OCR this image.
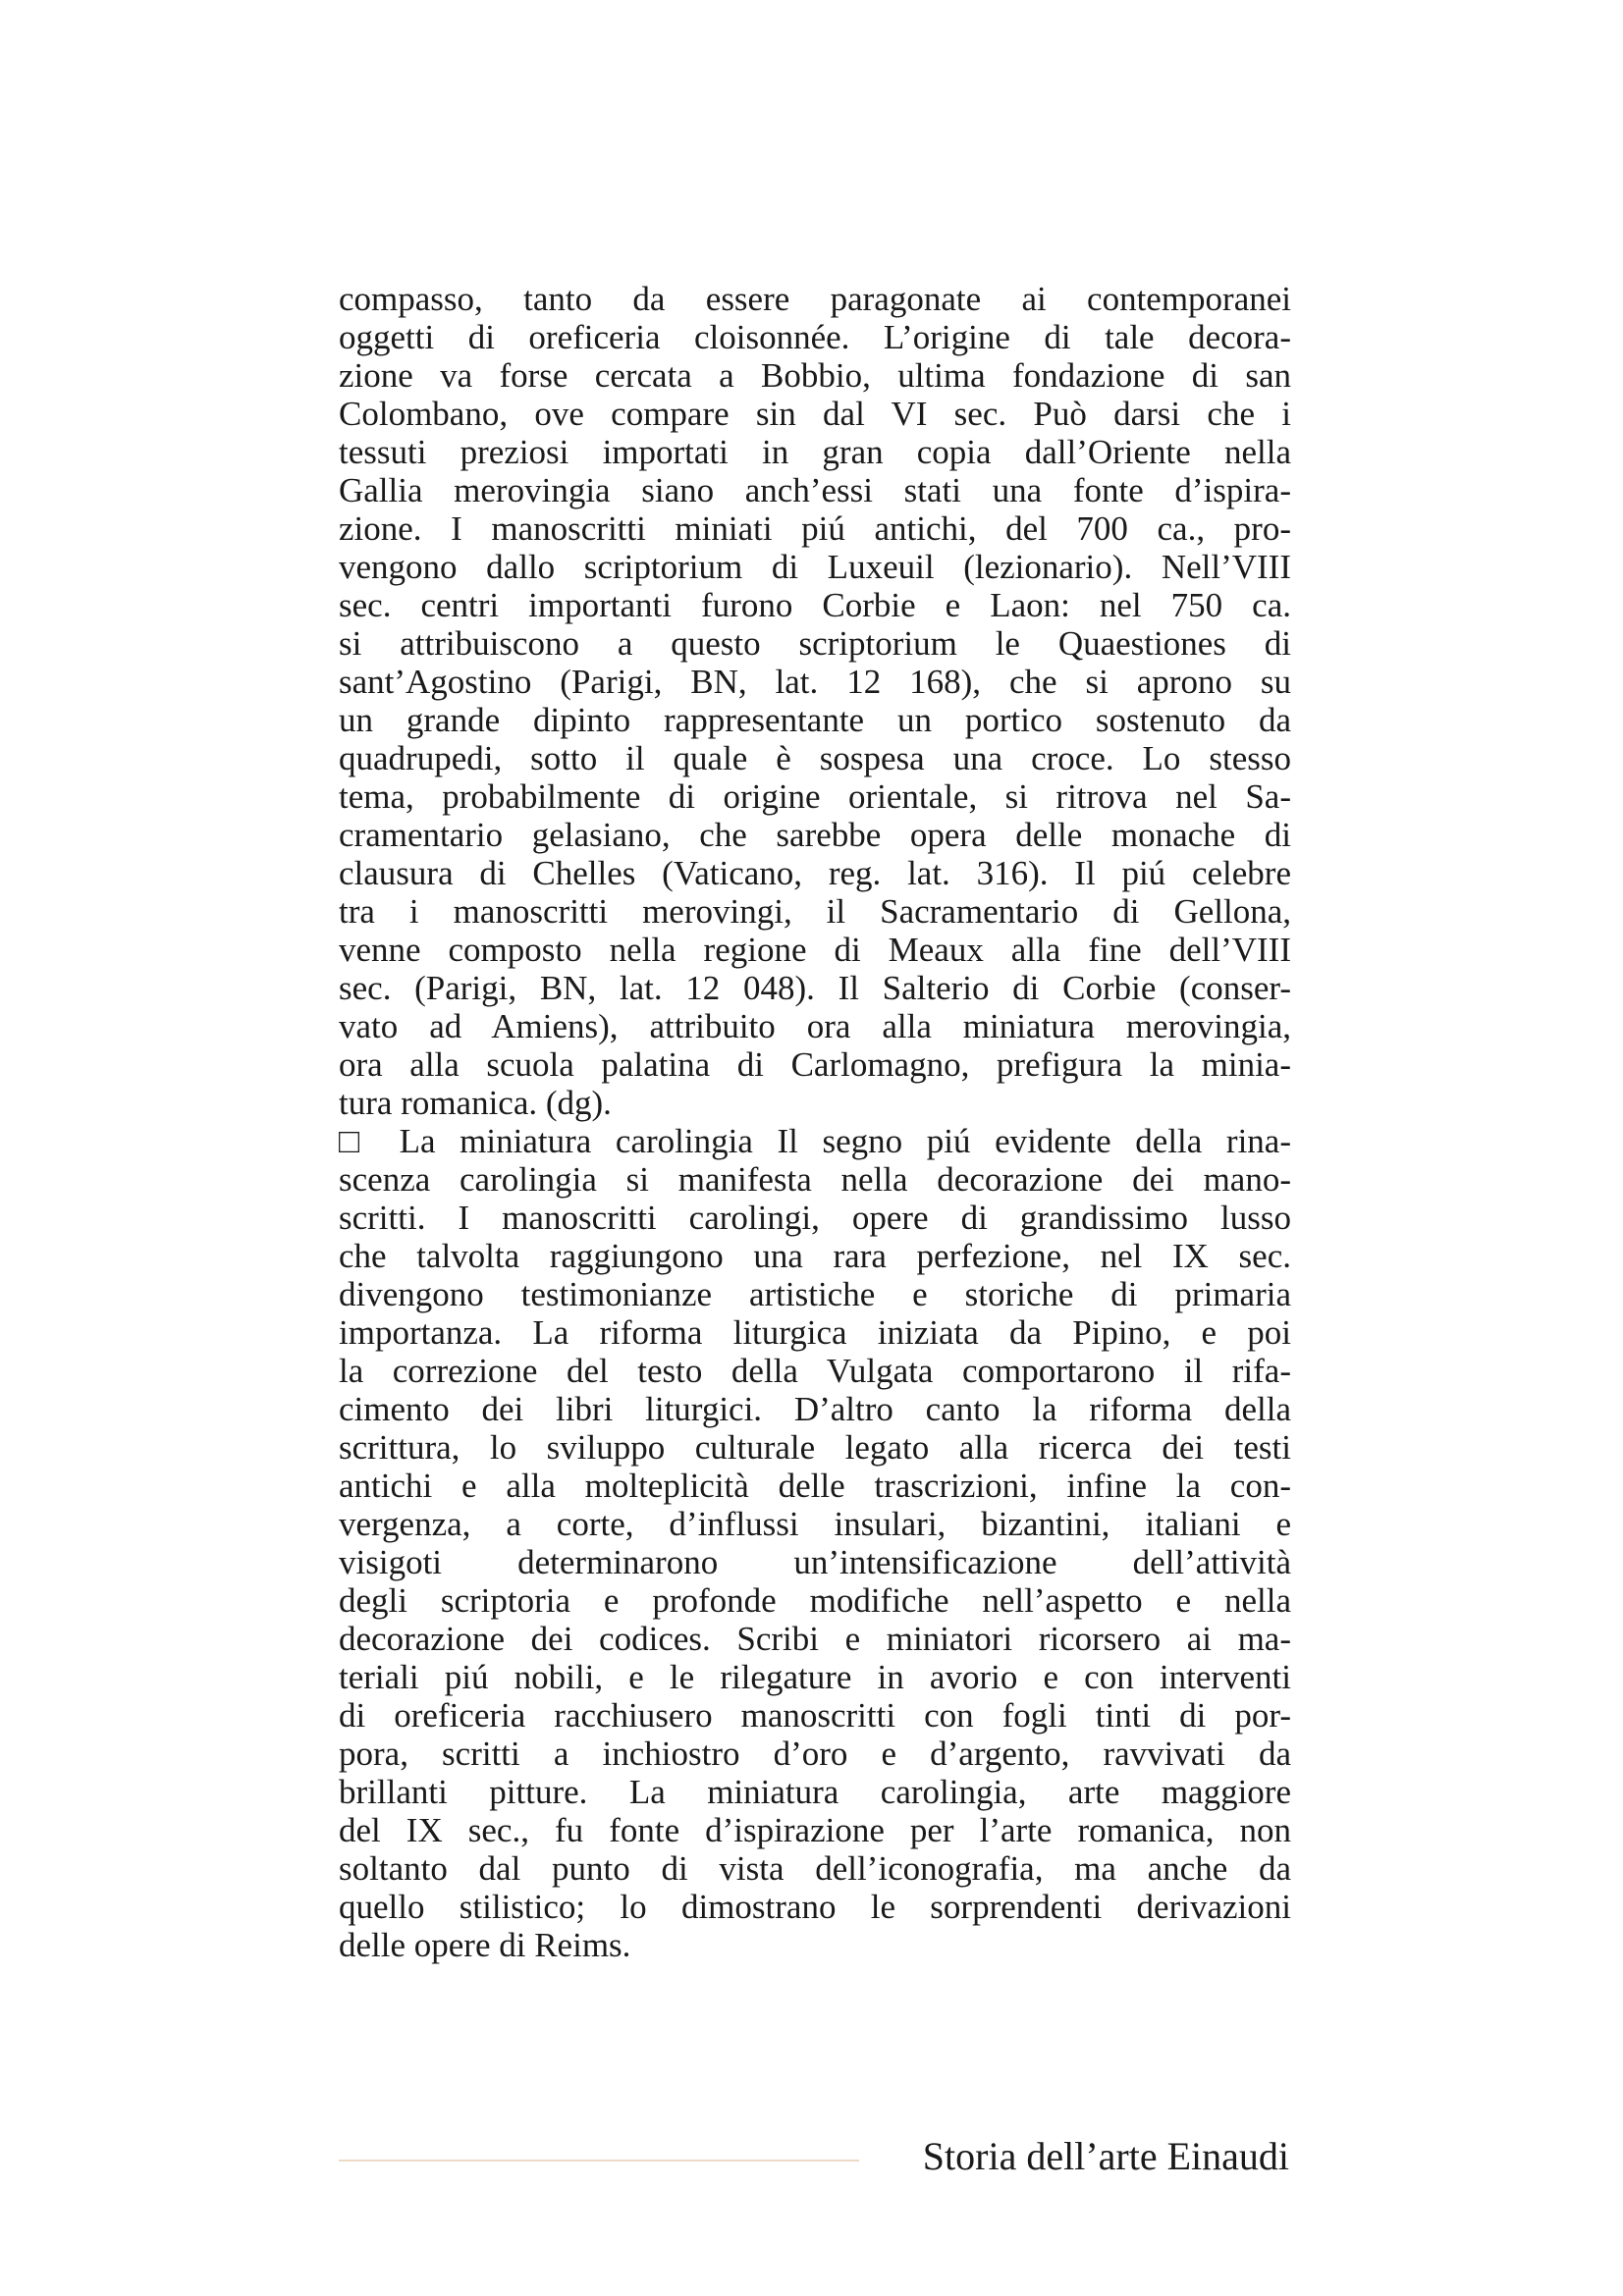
compasso, tanto da essere paragonate ai contemporanei
oggetti di oreficeria cloisonnée. L’origine di tale decora-
zione va forse cercata a Bobbio, ultima fondazione di san
Colombano, ove compare sin dal VI sec. Può darsi che i
tessuti preziosi importati in gran copia dall’Oriente nella
Gallia merovingia siano anch’essi stati una fonte d’ispira-
zione. I manoscritti miniati piú antichi, del 700 ca., pro-
vengono dallo scriptorium di Luxeuil (lezionario). Nell’VIII
sec. centri importanti furono Corbie e Laon: nel 750 ca.
si attribuiscono a questo scriptorium le Quaestiones di
sant’Agostino (Parigi, BN, lat. 12 168), che si aprono su
un grande dipinto rappresentante un portico sostenuto da
quadrupedi, sotto il quale è sospesa una croce. Lo stesso
tema, probabilmente di origine orientale, si ritrova nel Sa-
cramentario gelasiano, che sarebbe opera delle monache di
clausura di Chelles (Vaticano, reg. lat. 316). Il piú celebre
tra i manoscritti merovingi, il Sacramentario di Gellona,
venne composto nella regione di Meaux alla fine dell’VIII
sec. (Parigi, BN, lat. 12 048). Il Salterio di Corbie (conser-
vato ad Amiens), attribuito ora alla miniatura merovingia,
ora alla scuola palatina di Carlomagno, prefigura la minia-
tura romanica. (dg).
□ La miniatura carolingia Il segno piú evidente della rina-
scenza carolingia si manifesta nella decorazione dei mano-
scritti. I manoscritti carolingi, opere di grandissimo lusso
che talvolta raggiungono una rara perfezione, nel IX sec.
divengono testimonianze artistiche e storiche di primaria
importanza. La riforma liturgica iniziata da Pipino, e poi
la correzione del testo della Vulgata comportarono il rifa-
cimento dei libri liturgici. D’altro canto la riforma della
scrittura, lo sviluppo culturale legato alla ricerca dei testi
antichi e alla molteplicità delle trascrizioni, infine la con-
vergenza, a corte, d’influssi insulari, bizantini, italiani e
visigoti determinarono un’intensificazione dell’attività
degli scriptoria e profonde modifiche nell’aspetto e nella
decorazione dei codices. Scribi e miniatori ricorsero ai ma-
teriali piú nobili, e le rilegature in avorio e con interventi
di oreficeria racchiusero manoscritti con fogli tinti di por-
pora, scritti a inchiostro d’oro e d’argento, ravvivati da
brillanti pitture. La miniatura carolingia, arte maggiore
del IX sec., fu fonte d’ispirazione per l’arte romanica, non
soltanto dal punto di vista dell’iconografia, ma anche da
quello stilistico; lo dimostrano le sorprendenti derivazioni
delle opere di Reims.
Storia dell’arte Einaudi
